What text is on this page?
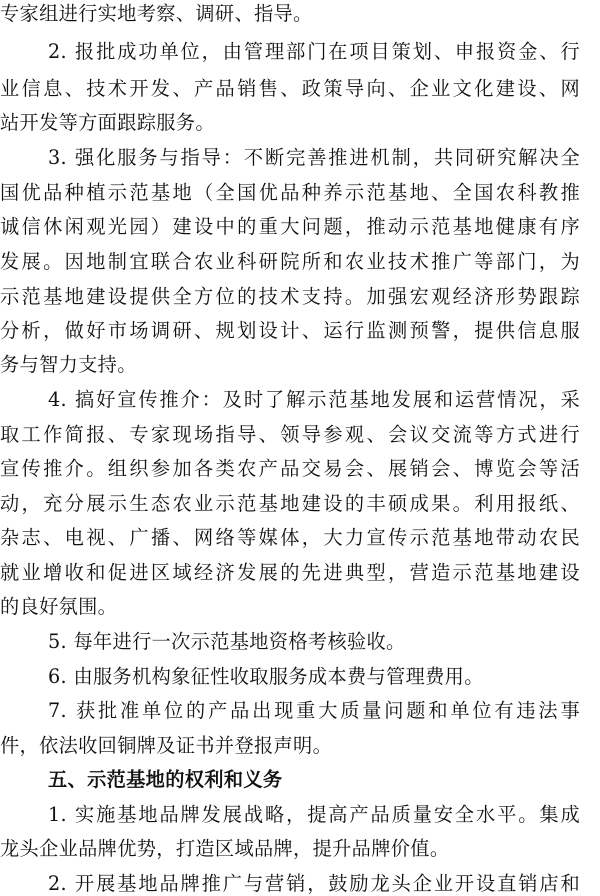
专家组进行实地考察、调研、指导。
2. 报批成功单位，由管理部门在项目策划、申报资金、行
业信息、技术开发、产品销售、政策导向、企业文化建设、网
站开发等方面跟踪服务。
3. 强化服务与指导：不断完善推进机制，共同研究解决全
国优品种植示范基地（全国优品种养示范基地、全国农科教推
诚信休闲观光园）建设中的重大问题，推动示范基地健康有序
发展。因地制宜联合农业科研院所和农业技术推广等部门，为
示范基地建设提供全方位的技术支持。加强宏观经济形势跟踪
分析，做好市场调研、规划设计、运行监测预警，提供信息服
务与智力支持。
4. 搞好宣传推介：及时了解示范基地发展和运营情况，采
取工作简报、专家现场指导、领导参观、会议交流等方式进行
宣传推介。组织参加各类农产品交易会、展销会、博览会等活
动，充分展示生态农业示范基地建设的丰硕成果。利用报纸、
杂志、电视、广播、网络等媒体，大力宣传示范基地带动农民
就业增收和促进区域经济发展的先进典型，营造示范基地建设
的良好氛围。
5. 每年进行一次示范基地资格考核验收。
6. 由服务机构象征性收取服务成本费与管理费用。
7. 获批准单位的产品出现重大质量问题和单位有违法事
件，依法收回铜牌及证书并登报声明。
五、示范基地的权利和义务
1. 实施基地品牌发展战略，提高产品质量安全水平。集成
龙头企业品牌优势，打造区域品牌，提升品牌价值。
2. 开展基地品牌推广与营销，鼓励龙头企业开设直销店和
